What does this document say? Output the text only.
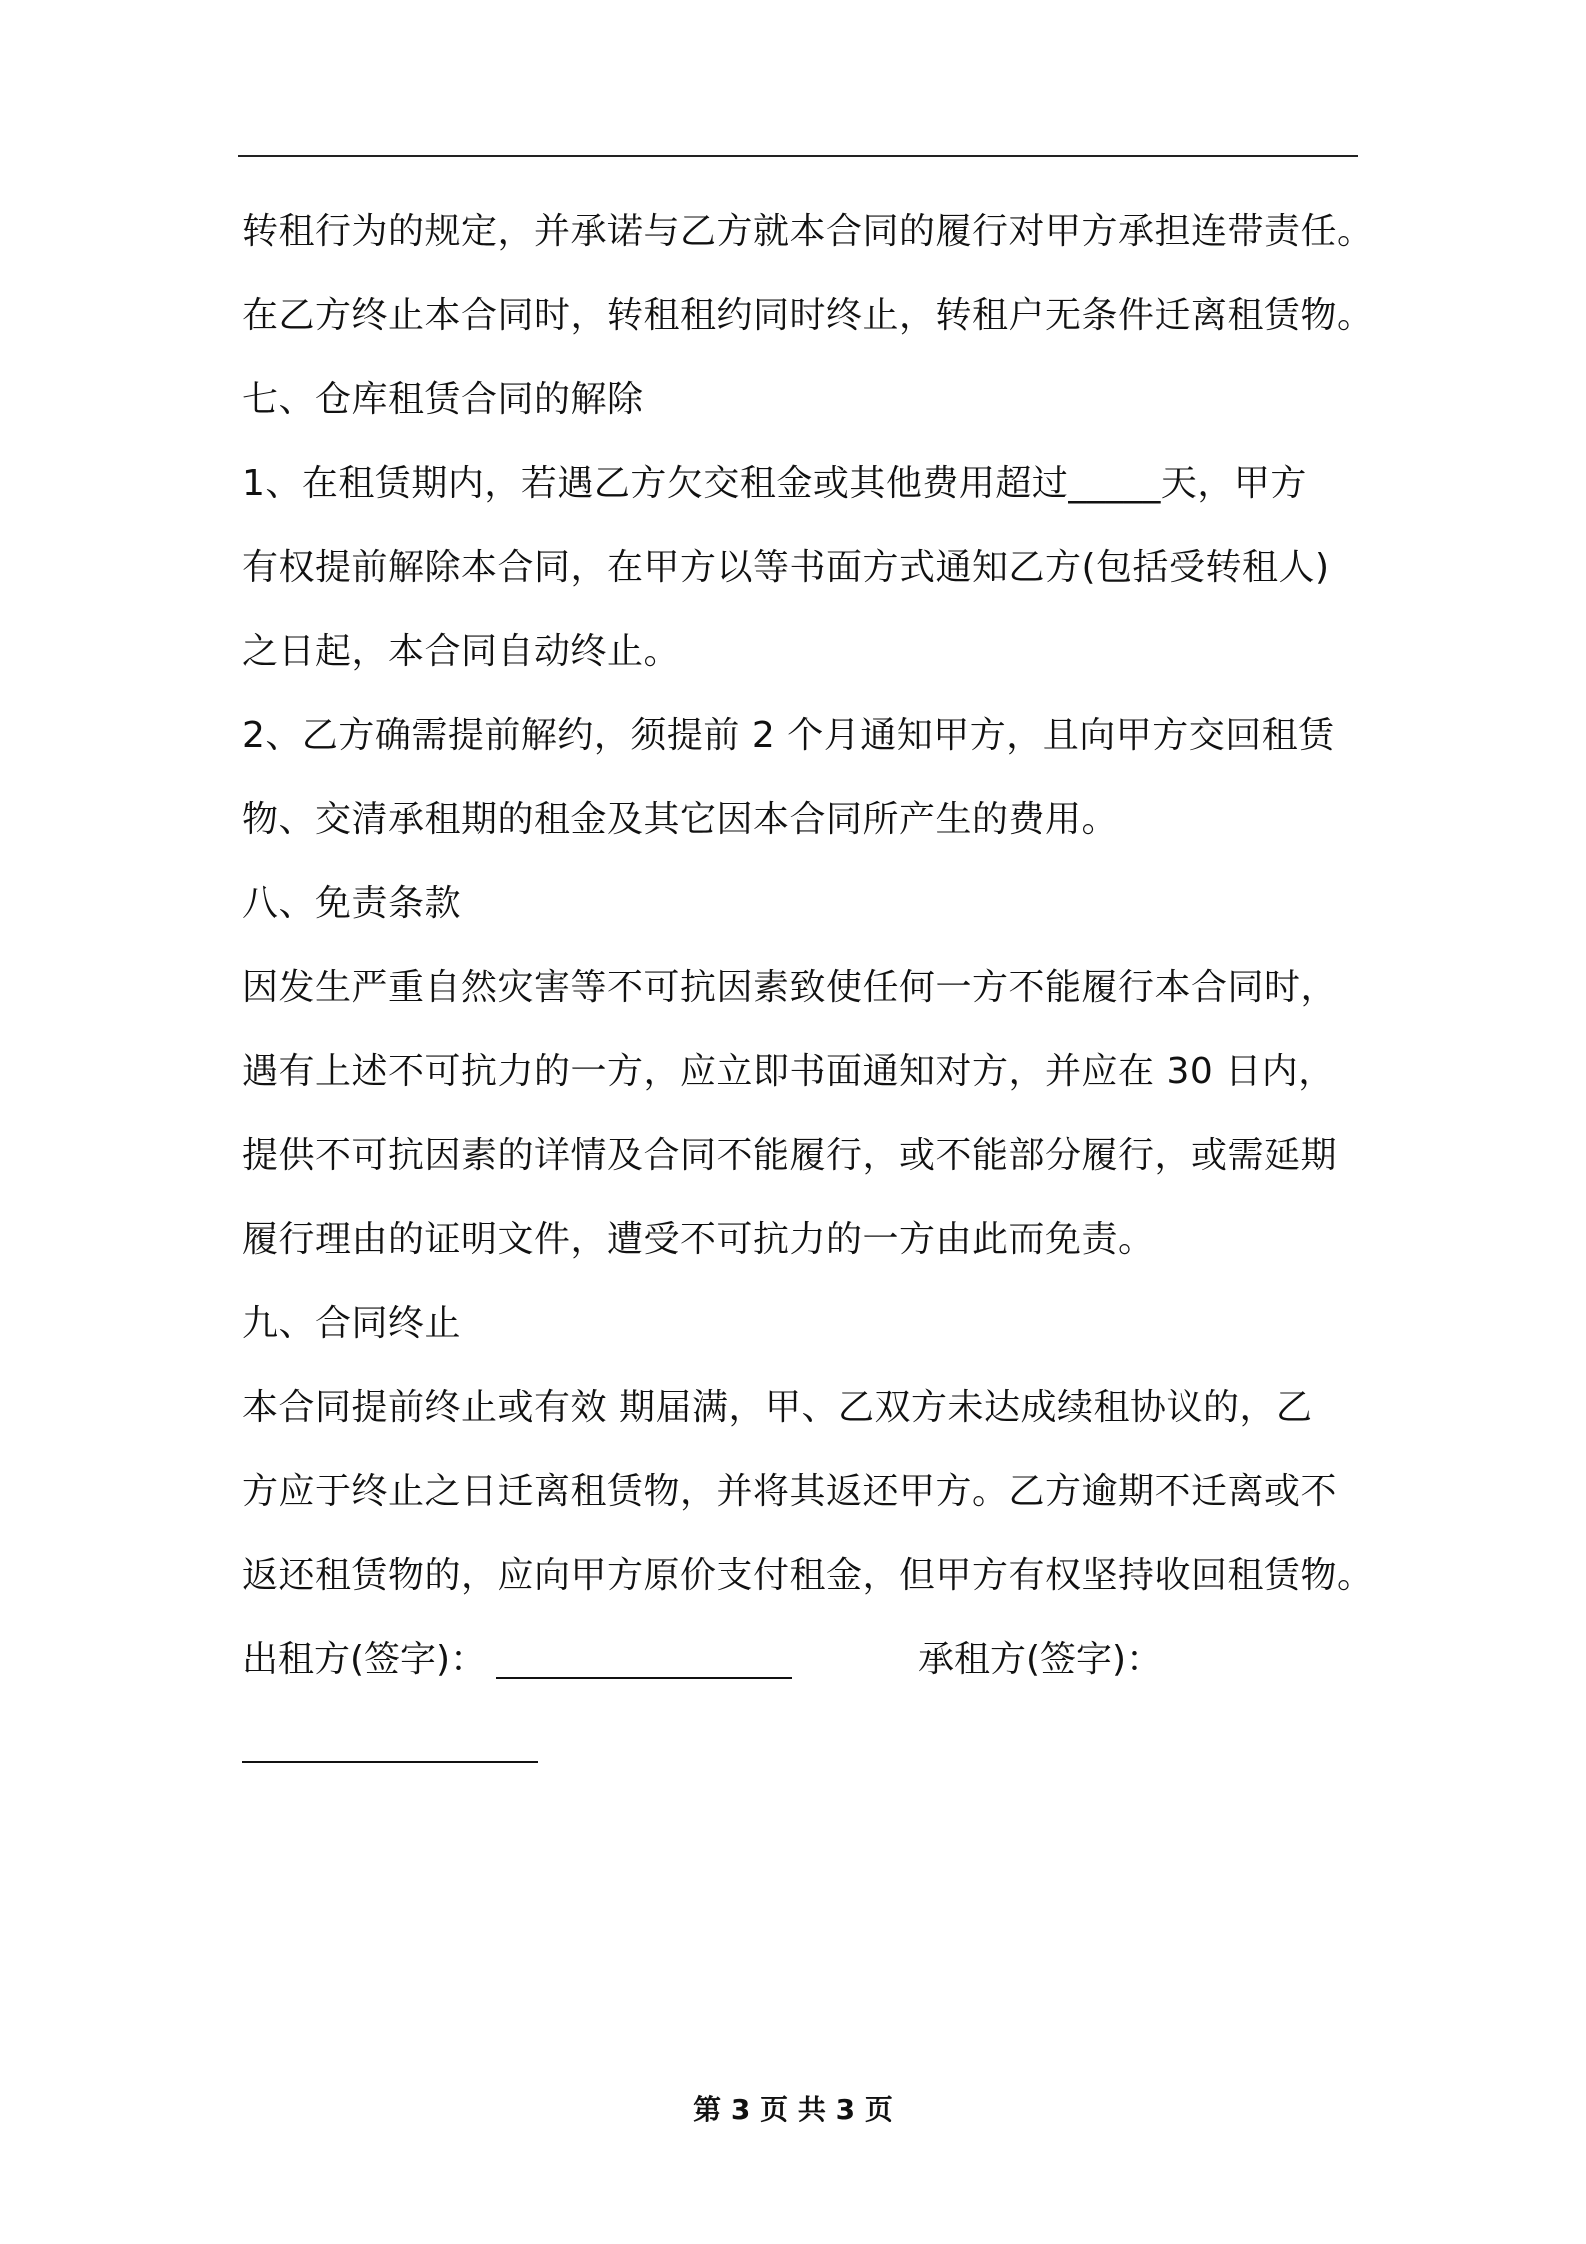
转租行为的规定，并承诺与乙方就本合同的履行对甲方承担连带责任。
在乙方终止本合同时，转租租约同时终止，转租户无条件迁离租赁物。
七、仓库租赁合同的解除
1、在租赁期内，若遇乙方欠交租金或其他费用超过_____天，甲方
有权提前解除本合同，在甲方以等书面方式通知乙方(包括受转租人)
之日起，本合同自动终止。
2、乙方确需提前解约，须提前 2 个月通知甲方，且向甲方交回租赁
物、交清承租期的租金及其它因本合同所产生的费用。
八、免责条款
因发生严重自然灾害等不可抗因素致使任何一方不能履行本合同时，
遇有上述不可抗力的一方，应立即书面通知对方，并应在 30 日内，
提供不可抗因素的详情及合同不能履行，或不能部分履行，或需延期
履行理由的证明文件，遭受不可抗力的一方由此而免责。
九、合同终止
本合同提前终止或有效 期届满，甲、乙双方未达成续租协议的，乙
方应于终止之日迁离租赁物，并将其返还甲方。乙方逾期不迁离或不
返还租赁物的，应向甲方原价支付租金，但甲方有权坚持收回租赁物。
出租方(签字)：	承租方(签字)：
第 3 页 共 3 页
